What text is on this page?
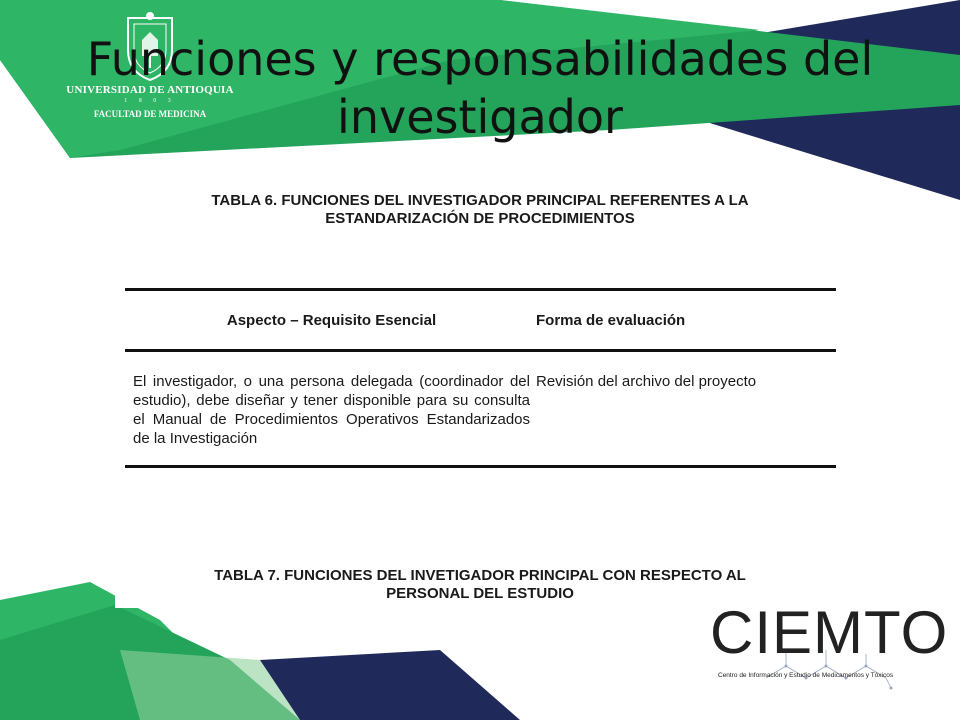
UNIVERSIDAD DE ANTIOQUIA
1 8 0 3
FACULTAD DE MEDICINA
Funciones y responsabilidades del investigador
TABLA 6. FUNCIONES DEL INVESTIGADOR PRINCIPAL REFERENTES A LA
ESTANDARIZACIÓN DE PROCEDIMIENTOS
Aspecto – Requisito Esencial	Forma de evaluación
El investigador, o una persona delegada (coordinador del estudio), debe diseñar y tener disponible para su consulta el Manual de Procedimientos Operativos Estandarizados de la Investigación
Revisión del archivo del proyecto
TABLA 7. FUNCIONES DEL INVETIGADOR PRINCIPAL CON RESPECTO AL
PERSONAL DEL ESTUDIO
CIEMTO
Centro de Información y Estudio de Medicamentos y Tóxicos
